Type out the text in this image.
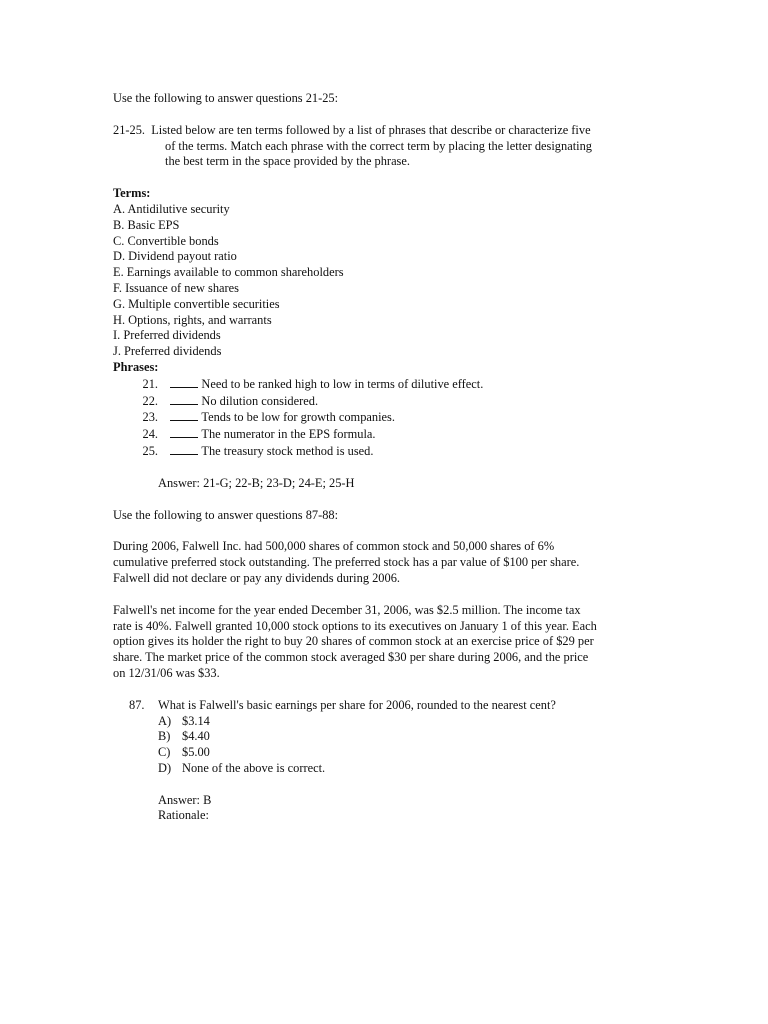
Use the following to answer questions 21-25:
21-25. Listed below are ten terms followed by a list of phrases that describe or characterize five
of the terms. Match each phrase with the correct term by placing the letter designating
the best term in the space provided by the phrase.
Terms:
A. Antidilutive security
B. Basic EPS
C. Convertible bonds
D. Dividend payout ratio
E. Earnings available to common shareholders
F. Issuance of new shares
G. Multiple convertible securities
H. Options, rights, and warrants
I. Preferred dividends
J. Preferred dividends
Phrases:
21.	Need to be ranked high to low in terms of dilutive effect.
22.	No dilution considered.
23.	Tends to be low for growth companies.
24.	The numerator in the EPS formula.
25.	The treasury stock method is used.
Answer: 21-G; 22-B; 23-D; 24-E; 25-H
Use the following to answer questions 87-88:
During 2006, Falwell Inc. had 500,000 shares of common stock and 50,000 shares of 6%
cumulative preferred stock outstanding. The preferred stock has a par value of $100 per share.
Falwell did not declare or pay any dividends during 2006.
Falwell's net income for the year ended December 31, 2006, was $2.5 million. The income tax
rate is 40%. Falwell granted 10,000 stock options to its executives on January 1 of this year. Each
option gives its holder the right to buy 20 shares of common stock at an exercise price of $29 per
share. The market price of the common stock averaged $30 per share during 2006, and the price
on 12/31/06 was $33.
87. What is Falwell's basic earnings per share for 2006, rounded to the nearest cent?
A) $3.14
B) $4.40
C) $5.00
D) None of the above is correct.
Answer: B
Rationale:
